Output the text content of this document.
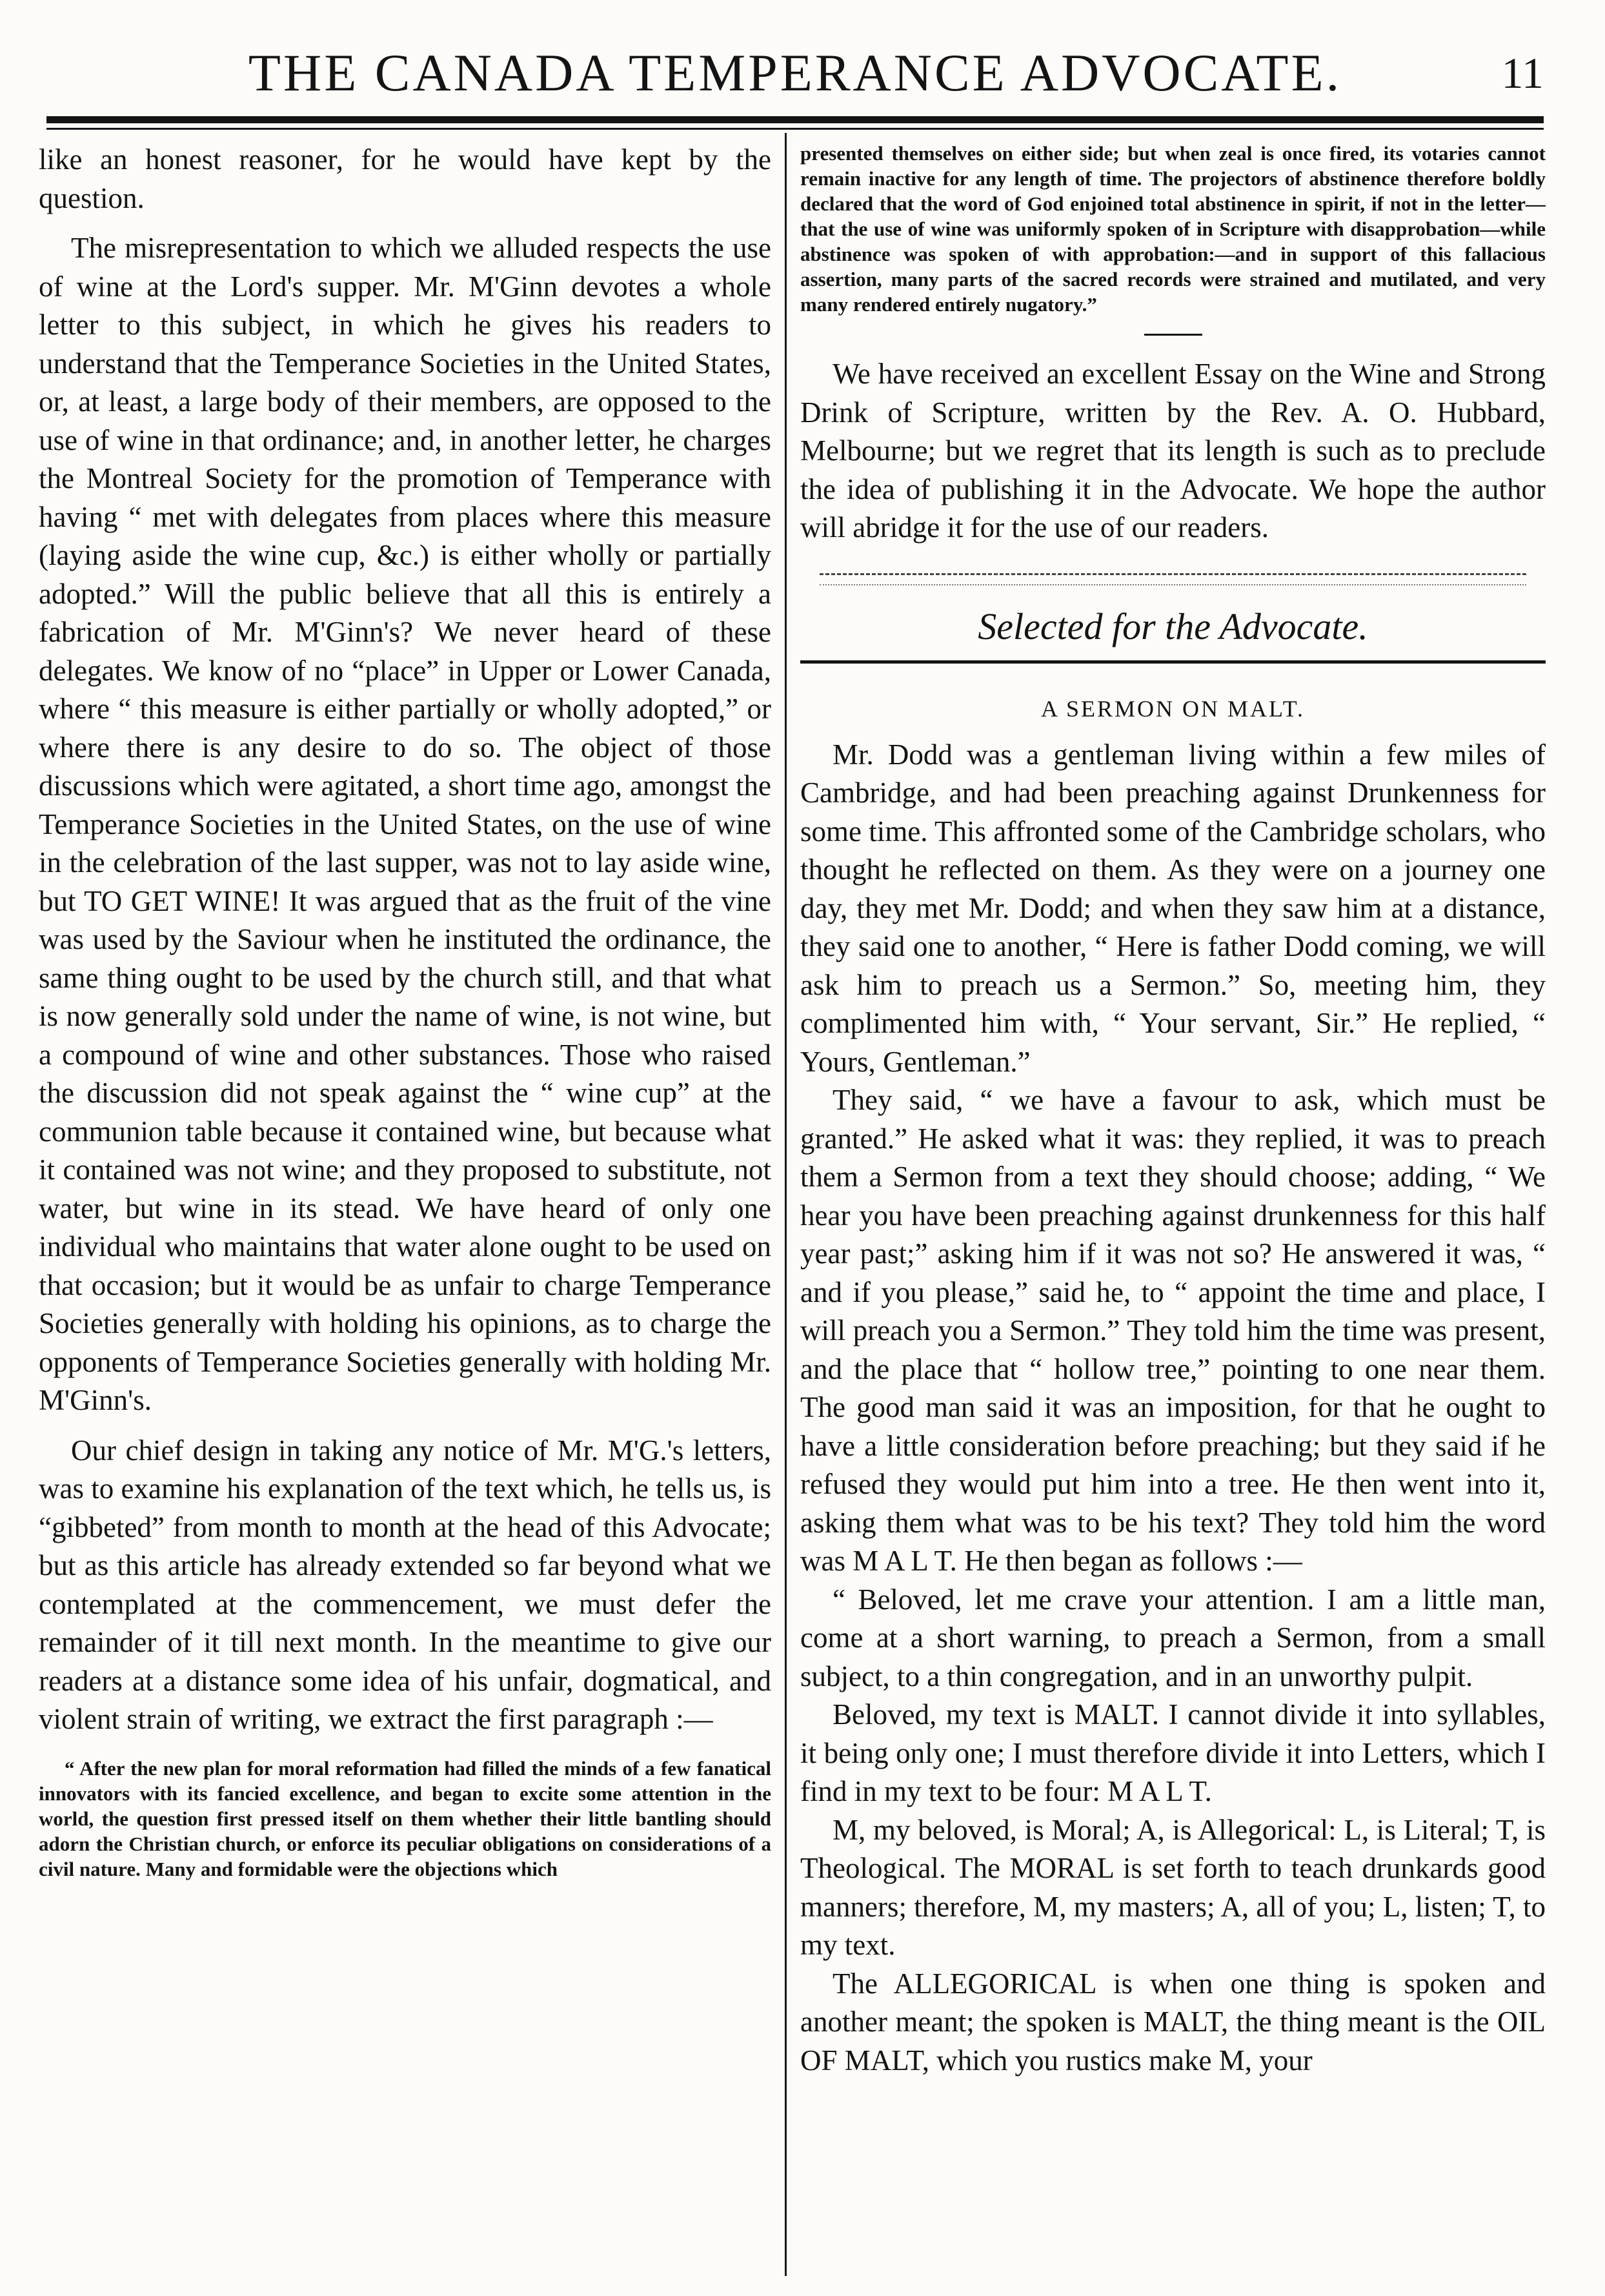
THE CANADA TEMPERANCE ADVOCATE.	11

like an honest reasoner, for he would have kept by the question.

The misrepresentation to which we alluded respects the use of wine at the Lord's supper. Mr. M'Ginn devotes a whole letter to this subject, in which he gives his readers to understand that the Temperance Societies in the United States, or, at least, a large body of their members, are opposed to the use of wine in that ordinance; and, in another letter, he charges the Montreal Society for the promotion of Temperance with having “ met with delegates from places where this measure (laying aside the wine cup, &c.) is either wholly or partially adopted.” Will the public believe that all this is entirely a fabrication of Mr. M'Ginn's? We never heard of these delegates. We know of no “place” in Upper or Lower Canada, where “ this measure is either partially or wholly adopted,” or where there is any desire to do so. The object of those discussions which were agitated, a short time ago, amongst the Temperance Societies in the United States, on the use of wine in the celebration of the last supper, was not to lay aside wine, but TO GET WINE! It was argued that as the fruit of the vine was used by the Saviour when he instituted the ordinance, the same thing ought to be used by the church still, and that what is now generally sold under the name of wine, is not wine, but a compound of wine and other substances. Those who raised the discussion did not speak against the “ wine cup” at the communion table because it contained wine, but because what it contained was not wine; and they proposed to substitute, not water, but wine in its stead. We have heard of only one individual who maintains that water alone ought to be used on that occasion; but it would be as unfair to charge Temperance Societies generally with holding his opinions, as to charge the opponents of Temperance Societies generally with holding Mr. M'Ginn's.

Our chief design in taking any notice of Mr. M'G.'s letters, was to examine his explanation of the text which, he tells us, is “gibbeted” from month to month at the head of this Advocate; but as this article has already extended so far beyond what we contemplated at the commencement, we must defer the remainder of it till next month. In the meantime to give our readers at a distance some idea of his unfair, dogmatical, and violent strain of writing, we extract the first paragraph :—

“ After the new plan for moral reformation had filled the minds of a few fanatical innovators with its fancied excellence, and began to excite some attention in the world, the question first pressed itself on them whether their little bantling should adorn the Christian church, or enforce its peculiar obligations on considerations of a civil nature. Many and formidable were the objections which

presented themselves on either side; but when zeal is once fired, its votaries cannot remain inactive for any length of time. The projectors of abstinence therefore boldly declared that the word of God enjoined total abstinence in spirit, if not in the letter—that the use of wine was uniformly spoken of in Scripture with disapprobation—while abstinence was spoken of with approbation:—and in support of this fallacious assertion, many parts of the sacred records were strained and mutilated, and very many rendered entirely nugatory.”

We have received an excellent Essay on the Wine and Strong Drink of Scripture, written by the Rev. A. O. Hubbard, Melbourne; but we regret that its length is such as to preclude the idea of publishing it in the Advocate. We hope the author will abridge it for the use of our readers.

Selected for the Advocate.
A SERMON ON MALT.

Mr. Dodd was a gentleman living within a few miles of Cambridge, and had been preaching against Drunkenness for some time. This affronted some of the Cambridge scholars, who thought he reflected on them. As they were on a journey one day, they met Mr. Dodd; and when they saw him at a distance, they said one to another, “ Here is father Dodd coming, we will ask him to preach us a Sermon.” So, meeting him, they complimented him with, “ Your servant, Sir.” He replied, “ Yours, Gentleman.”

They said, “ we have a favour to ask, which must be granted.” He asked what it was: they replied, it was to preach them a Sermon from a text they should choose; adding, “ We hear you have been preaching against drunkenness for this half year past;” asking him if it was not so? He answered it was, “ and if you please,” said he, to “ appoint the time and place, I will preach you a Sermon.” They told him the time was present, and the place that “ hollow tree,” pointing to one near them. The good man said it was an imposition, for that he ought to have a little consideration before preaching; but they said if he refused they would put him into a tree. He then went into it, asking them what was to be his text? They told him the word was M A L T. He then began as follows :—

“ Beloved, let me crave your attention. I am a little man, come at a short warning, to preach a Sermon, from a small subject, to a thin congregation, and in an unworthy pulpit.

Beloved, my text is MALT. I cannot divide it into syllables, it being only one; I must therefore divide it into Letters, which I find in my text to be four: M A L T.

M, my beloved, is Moral; A, is Allegorical: L, is Literal; T, is Theological. The MORAL is set forth to teach drunkards good manners; therefore, M, my masters; A, all of you; L, listen; T, to my text.

The ALLEGORICAL is when one thing is spoken and another meant; the spoken is MALT, the thing meant is the OIL OF MALT, which you rustics make M, your
